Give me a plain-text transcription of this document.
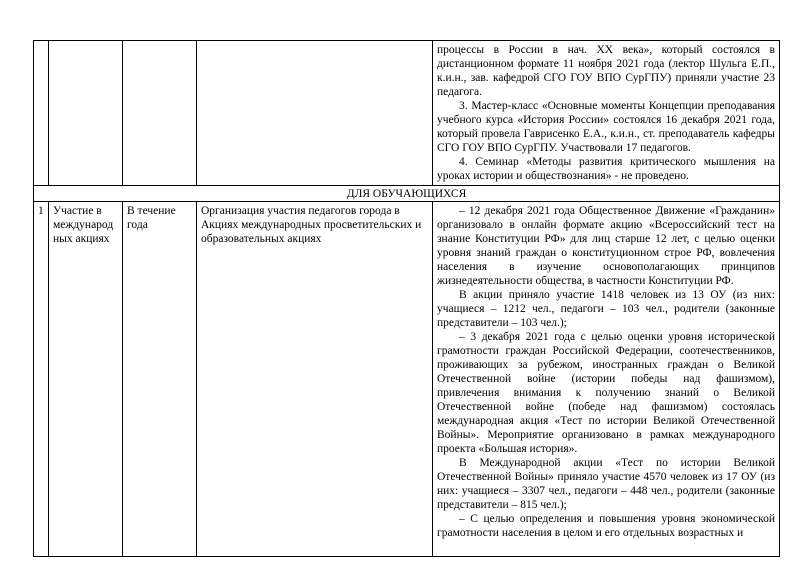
				процессы в России в нач. XX века», который состоялся в дистанционном формате 11 ноября 2021 года (лектор Шульга Е.П., к.и.н., зав. кафедрой СГО ГОУ ВПО СурГПУ) приняли участие 23 педагога.

3. Мастер-класс «Основные моменты Концепции преподавания учебного курса «История России» состоялся 16 декабря 2021 года, который провела Гаврисенко Е.А., к.и.н., ст. преподаватель кафедры СГО ГОУ ВПО СурГПУ. Участвовали 17 педагогов.

4. Семинар «Методы развития критического мышления на уроках истории и обществознания» - не проведено.

ДЛЯ ОБУЧАЮЩИХСЯ				
1	Участие в международных акциях	В течение года	Организация участия педагогов города в Акциях международных просветительских и образовательных акциях	– 12 декабря 2021 года Общественное Движение «Гражданин» организовало в онлайн формате акцию «Всероссийский тест на знание Конституции РФ» для лиц старше 12 лет, с целью оценки уровня знаний граждан о конституционном строе РФ, вовлечения населения в изучение основополагающих принципов жизнедеятельности общества, в частности Конституции РФ.

В акции приняло участие 1418 человек из 13 ОУ (из них: учащиеся – 1212 чел., педагоги – 103 чел., родители (законные представители – 103 чел.);

– 3 декабря 2021 года с целью оценки уровня исторической грамотности граждан Российской Федерации, соотечественников, проживающих за рубежом, иностранных граждан о Великой Отечественной войне (истории победы над фашизмом), привлечения внимания к получению знаний о Великой Отечественной войне (победе над фашизмом) состоялась международная акция «Тест по истории Великой Отечественной Войны». Мероприятие организовано в рамках международного проекта «Большая история».

В Международной акции «Тест по истории Великой Отечественной Войны» приняло участие 4570 человек из 17 ОУ (из них: учащиеся – 3307 чел., педагоги – 448 чел., родители (законные представители – 815 чел.);

– С целью определения и повышения уровня экономической грамотности населения в целом и его отдельных возрастных и
